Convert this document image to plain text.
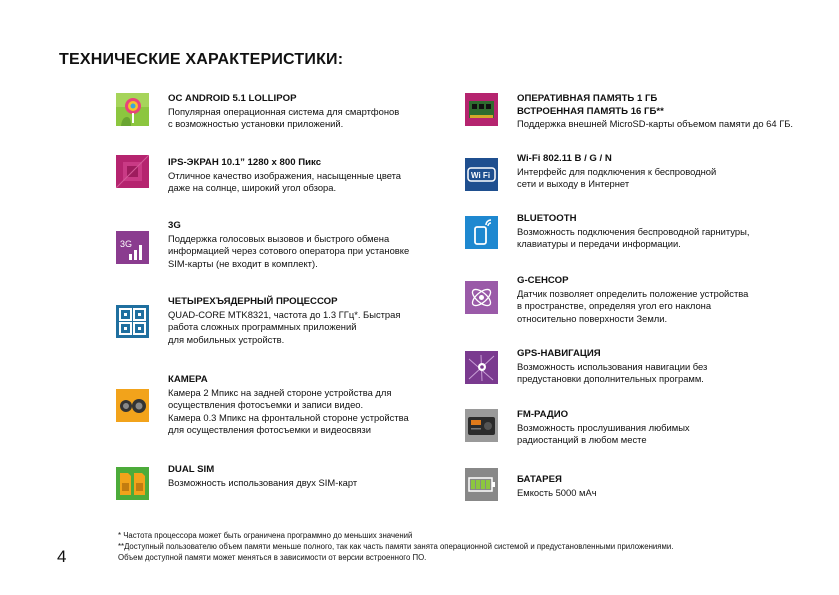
ТЕХНИЧЕСКИЕ ХАРАКТЕРИСТИКИ:
ОС ANDROID 5.1 LOLLIPOP
Популярная операционная система для смартфонов
с возможностью установки приложений.
IPS-ЭКРАН 10.1” 1280 x 800 Пикс
Отличное качество изображения, насыщенные цвета
даже на солнце, широкий угол обзора.
3G
3G
Поддержка голосовых вызовов и быстрого обмена
информацией через сотового оператора при установке
SIM-карты (не входит в комплект).
ЧЕТЫРЕХЪЯДЕРНЫЙ ПРОЦЕССОР
QUAD-CORE MTK8321, частота до 1.3 ГГц*. Быстрая
работа сложных программных приложений
для мобильных устройств.
КАМЕРА
Камера 2 Мпикс на задней стороне устройства для
осуществления фотосъемки и записи видео.
Камера 0.3 Мпикс на фронтальной стороне устройства
для осуществления фотосъемки и видеосвязи
DUAL SIM
Возможность использования двух SIM-карт
ОПЕРАТИВНАЯ ПАМЯТЬ 1 ГБ
ВСТРОЕННАЯ ПАМЯТЬ 16 ГБ**
Поддержка внешней MicroSD-карты объемом памяти до 64 ГБ.
Wi Fi
Wi-Fi 802.11 B / G / N
Интерфейс для подключения к беспроводной
сети и выходу в Интернет
BLUETOOTH
Возможность подключения беспроводной гарнитуры,
клавиатуры и передачи информации.
G-СЕНСОР
Датчик позволяет определить положение устройства
в пространстве, определяя угол его наклона
относительно поверхности Земли.
GPS-НАВИГАЦИЯ
Возможность использования навигации без
предустановки дополнительных программ.
FM-РАДИО
Возможность прослушивания любимых
радиостанций в любом месте
БАТАРЕЯ
Емкость 5000 мАч
* Частота процессора может быть ограничена программно до меньших значений
**Доступный пользователю объем памяти меньше полного, так как часть памяти занята операционной системой и предустановленными приложениями.
Объем доступной памяти может меняться в зависимости от версии встроенного ПО.
4
